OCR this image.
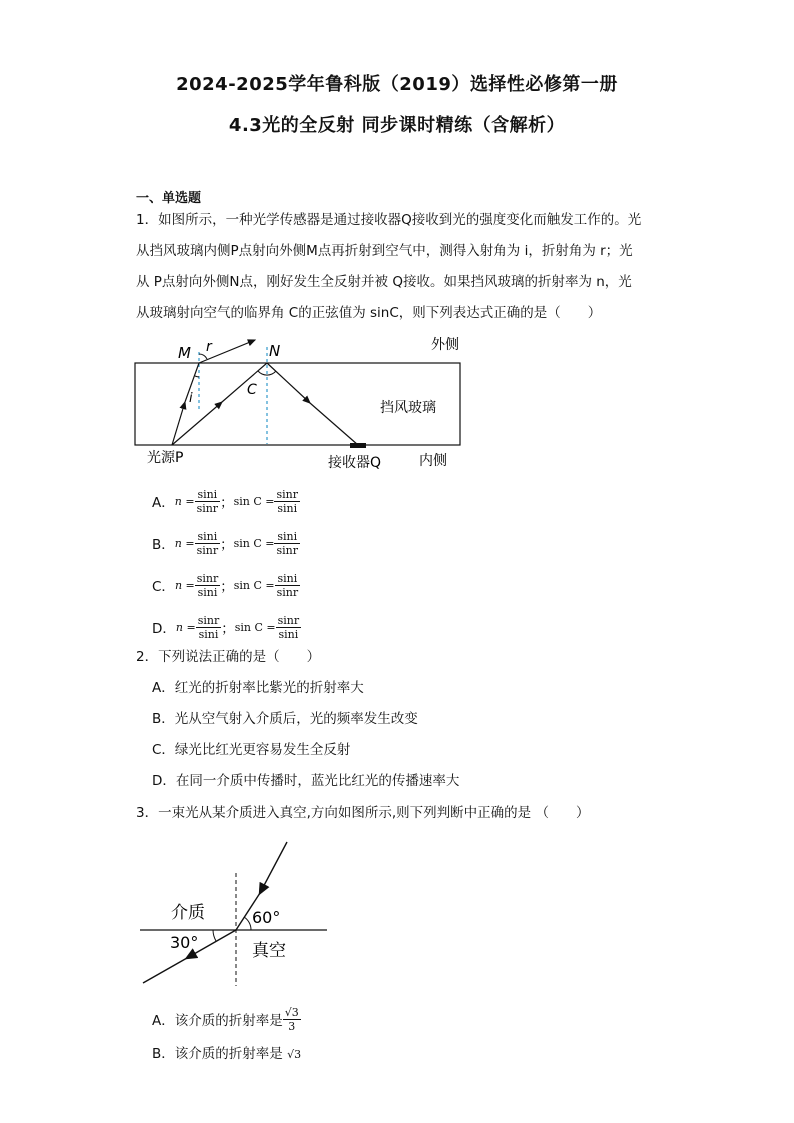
2024-2025学年鲁科版（2019）选择性必修第一册
4.3光的全反射 同步课时精练（含解析）
一、单选题
1．如图所示，一种光学传感器是通过接收器Q接收到光的强度变化而触发工作的。光
从挡风玻璃内侧P点射向外侧M点再折射到空气中，测得入射角为 i，折射角为 r；光
从 P点射向外侧N点，刚好发生全反射并被 Q接收。如果挡风玻璃的折射率为 n，光
从玻璃射向空气的临界角 C的正弦值为 sinC，则下列表达式正确的是（　　）
M r	N	外侧
i
C
挡风玻璃
光源P	接收器Q	内侧
A． $n = \frac{\sin i}{\sin r}$ ； $\sin C = \frac{\sin r}{\sin i}$
B． $n = \frac{\sin i}{\sin r}$ ； $\sin C = \frac{\sin i}{\sin r}$
C． $n = \frac{\sin r}{\sin i}$ ； $\sin C = \frac{\sin i}{\sin r}$
D． $n = \frac{\sin r}{\sin i}$ ； $\sin C = \frac{\sin r}{\sin i}$
2．下列说法正确的是（　　）
A．红光的折射率比紫光的折射率大
B．光从空气射入介质后，光的频率发生改变
C．绿光比红光更容易发生全反射
D．在同一介质中传播时，蓝光比红光的传播速率大
3．一束光从某介质进入真空,方向如图所示,则下列判断中正确的是 （　　）
介质	60°
30°	真空
A．该介质的折射率是 $\frac{√3}{3}$
B．该介质的折射率是 √3
